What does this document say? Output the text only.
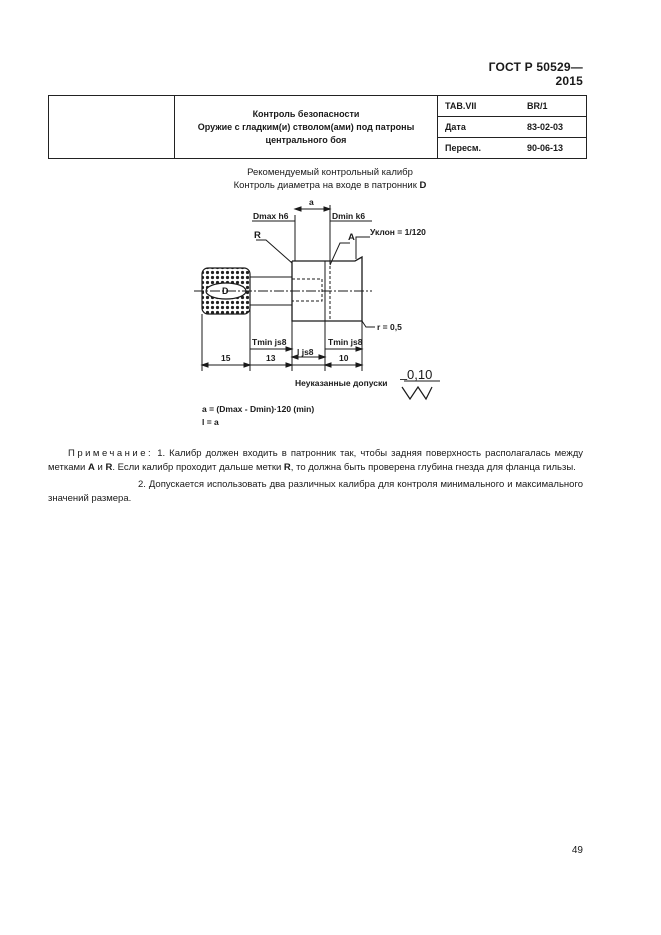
ГОСТ Р 50529—2015

Контроль безопасности
Оружие с гладким(и) стволом(ами) под патроны
центрального боя

ТАВ.VII	BR/1
Дата	83-02-03
Пересм.	90-06-13
Рекомендуемый контрольный калибр
Контроль диаметра на входе в патронник D
a
Dmax h6	Dmin k6
R	A Уклон = 1/120
D
r = 0,5
Tmin js8	Tmin js8
l js8
15	13	10
Неуказанные допуски
0,10
a = (Dmax - Dmin)·120 (min)
l = a
–

Примечание: 1. Калибр должен входить в патронник так, чтобы задняя поверхность располагалась между метками A и R. Если калибр проходит дальше метки R, то должна быть проверена глубина гнезда для фланца гильзы.

2. Допускается использовать два различных калибра для контроля минимального и максимального значений размера.

49
